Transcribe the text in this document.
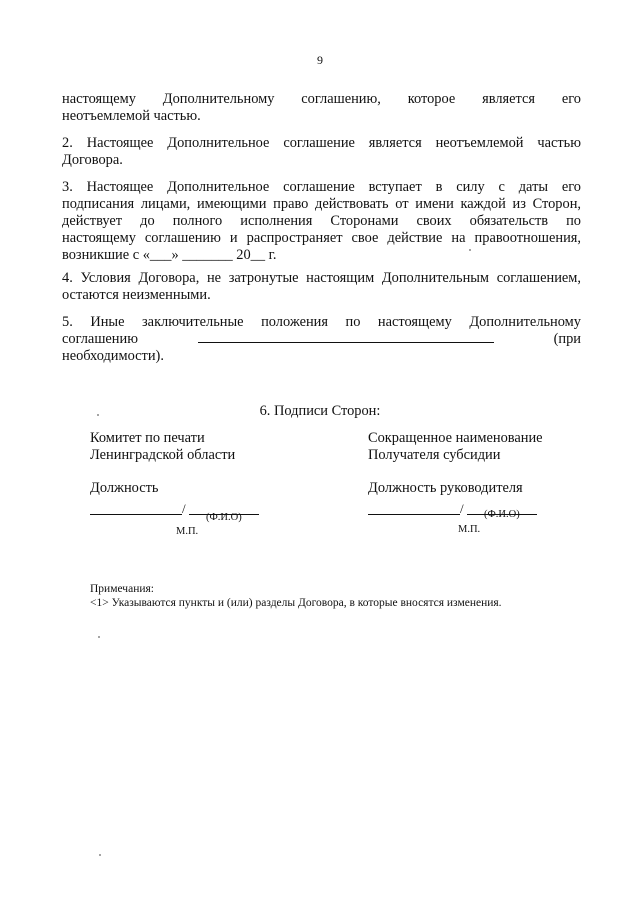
9
настоящему Дополнительному соглашению, которое является его
неотъемлемой частью.
2. Настоящее Дополнительное соглашение является неотъемлемой частью
Договора.
3. Настоящее Дополнительное соглашение вступает в силу с даты его
подписания лицами, имеющими право действовать от имени каждой из Сторон,
действует до полного исполнения Сторонами своих обязательств по
настоящему соглашению и распространяет свое действие на правоотношения,
возникшие с «___» _______ 20__ г.
4. Условия Договора, не затронутые настоящим Дополнительным соглашением,
остаются неизменными.
5. Иные заключительные положения по настоящему Дополнительному
соглашению	(при
необходимости).
6. Подписи Сторон:
Комитет по печати
Ленинградской области
Должность
/
(Ф.И.О)
М.П.
Сокращенное наименование
Получателя субсидии
Должность руководителя
/ (Ф.И.О)
М.П.
Примечания:
<1> Указываются пункты и (или) разделы Договора, в которые вносятся изменения.
